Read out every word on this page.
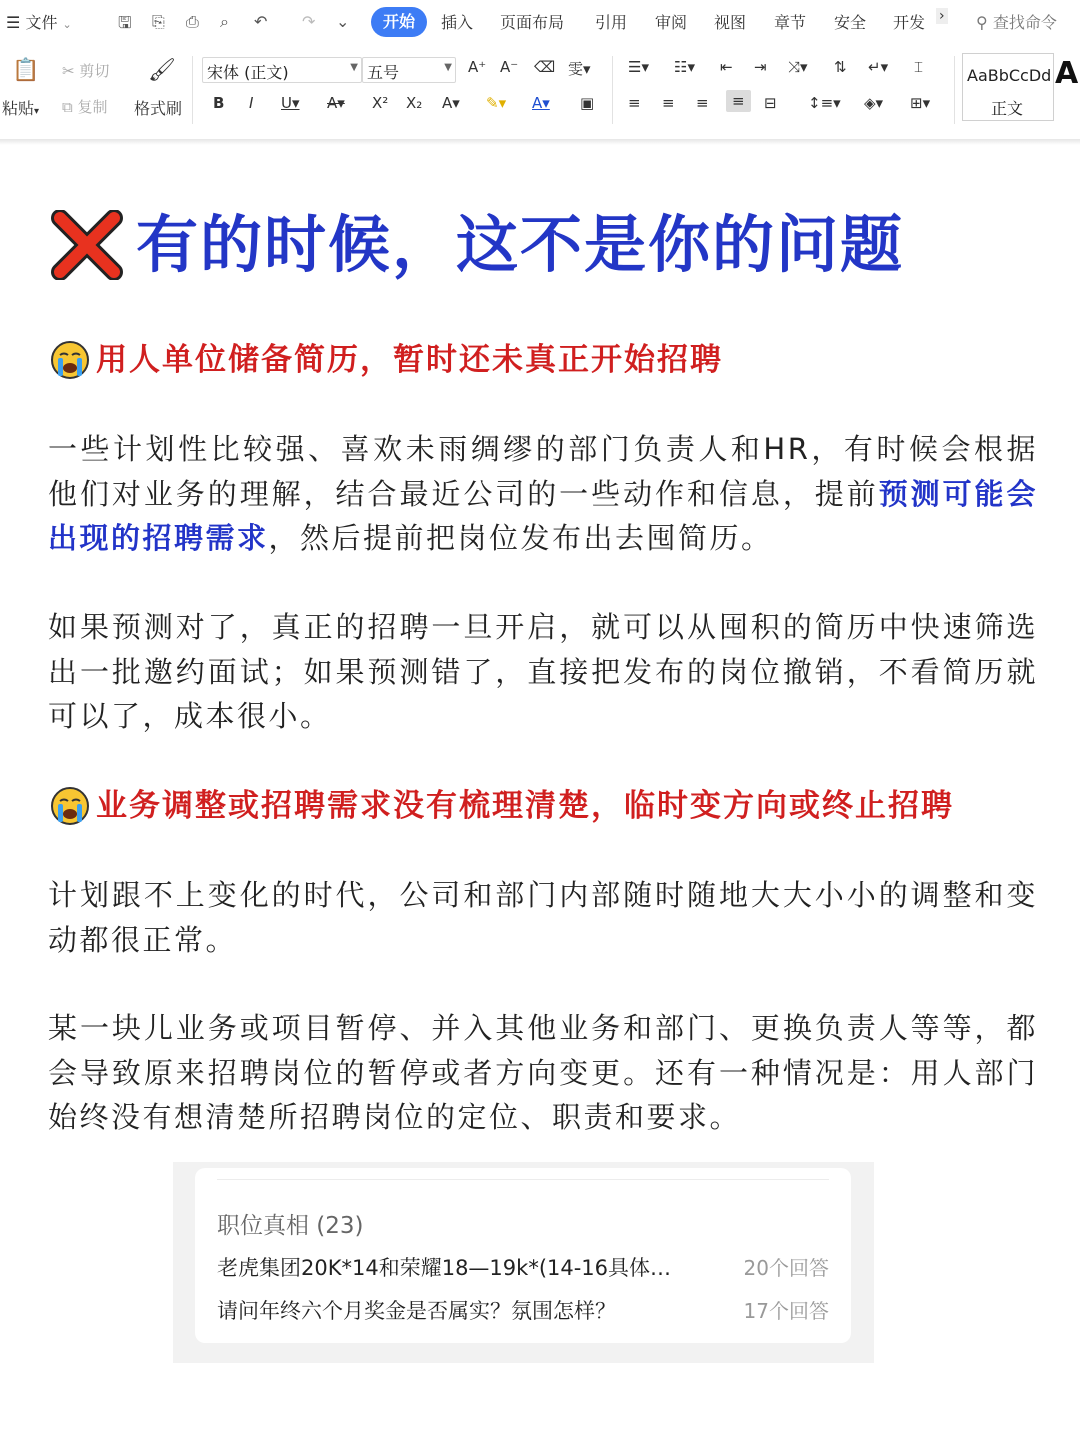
☰ 文件 ⌄	🖫 ⎘ ⎙ ⌕ ↶ ↷ ⌄	开始	插入 页面布局 引用 审阅 视图 章节 安全 开发 › ⚲ 查找命令
📋
粘贴▾
✂ 剪切
⧉ 复制
🖌
格式刷
宋体 (正文)	▼ 五号	▼ A⁺ A⁻ ⌫ 雯▾
B I U▾ A▾ X² X₂ A▾ ✎▾ A▾ ▣
☰▾ ☷▾ ⇤ ⇥ ⤨▾ ⇅ ↵▾ ⌶
≡ ≡ ≡	≡	⊟ ↕≡▾ ◈▾ ⊞▾
AaBbCcDd
正文
A
有的时候，这不是你的问题
用人单位储备简历，暂时还未真正开始招聘
一些计划性比较强、喜欢未雨绸缪的部门负责人和HR，有时候会根据他们对业务的理解，结合最近公司的一些动作和信息，提前预测可能会出现的招聘需求，然后提前把岗位发布出去囤简历。
如果预测对了，真正的招聘一旦开启，就可以从囤积的简历中快速筛选出一批邀约面试；如果预测错了，直接把发布的岗位撤销，不看简历就可以了，成本很小。
业务调整或招聘需求没有梳理清楚，临时变方向或终止招聘
计划跟不上变化的时代，公司和部门内部随时随地大大小小的调整和变动都很正常。
某一块儿业务或项目暂停、并入其他业务和部门、更换负责人等等，都会导致原来招聘岗位的暂停或者方向变更。还有一种情况是：用人部门始终没有想清楚所招聘岗位的定位、职责和要求。
职位真相 (23)
老虎集团20K*14和荣耀18—19k*(14-16具体…	20个回答
请问年终六个月奖金是否属实？氛围怎样？	17个回答
